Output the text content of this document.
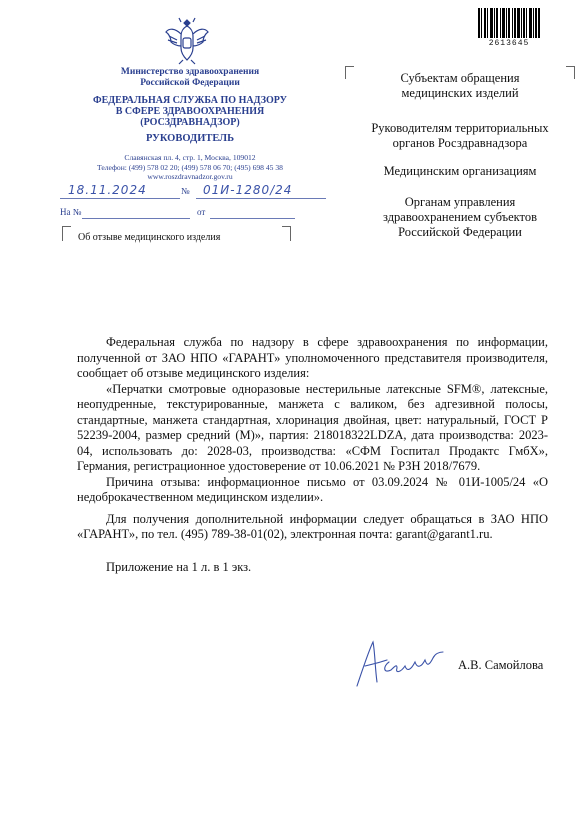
2613645
Министерство здравоохранения
Российской Федерации
ФЕДЕРАЛЬНАЯ СЛУЖБА ПО НАДЗОРУ
В СФЕРЕ ЗДРАВООХРАНЕНИЯ
(РОСЗДРАВНАДЗОР)
РУКОВОДИТЕЛЬ
Славянская пл. 4, стр. 1, Москва, 109012
Телефон: (499) 578 02 20; (499) 578 06 70; (495) 698 45 38
www.roszdravnadzor.gov.ru
18.11.2024	№ 01И-1280/24
На №	от
Об отзыве медицинского изделия
Субъектам обращения
медицинских изделий
Руководителям территориальных
органов Росздравнадзора
Медицинским организациям
Органам управления
здравоохранением субъектов
Российской Федерации

Федеральная служба по надзору в сфере здравоохранения по информации, полученной от ЗАО НПО «ГАРАНТ» уполномоченного представителя производителя, сообщает об отзыве медицинского изделия:

«Перчатки смотровые одноразовые нестерильные латексные SFM®, латексные, неопудренные, текстурированные, манжета с валиком, без адгезивной полосы, стандартные, манжета стандартная, хлоринация двойная, цвет: натуральный, ГОСТ Р 52239-2004, размер средний (M)», партия: 218018322LDZA, дата производства: 2023-04, использовать до: 2028-03, производства: «СФМ Госпитал Продактс ГмбХ», Германия, регистрационное удостоверение от 10.06.2021 № РЗН 2018/7679.

Причина отзыва: информационное письмо от 03.09.2024 № 01И-1005/24 «О недоброкачественном медицинском изделии».

Для получения дополнительной информации следует обращаться в ЗАО НПО «ГАРАНТ», по тел. (495) 789-38-01(02), электронная почта: garant@garant1.ru.

Приложение на 1 л. в 1 экз.

А.В. Самойлова
